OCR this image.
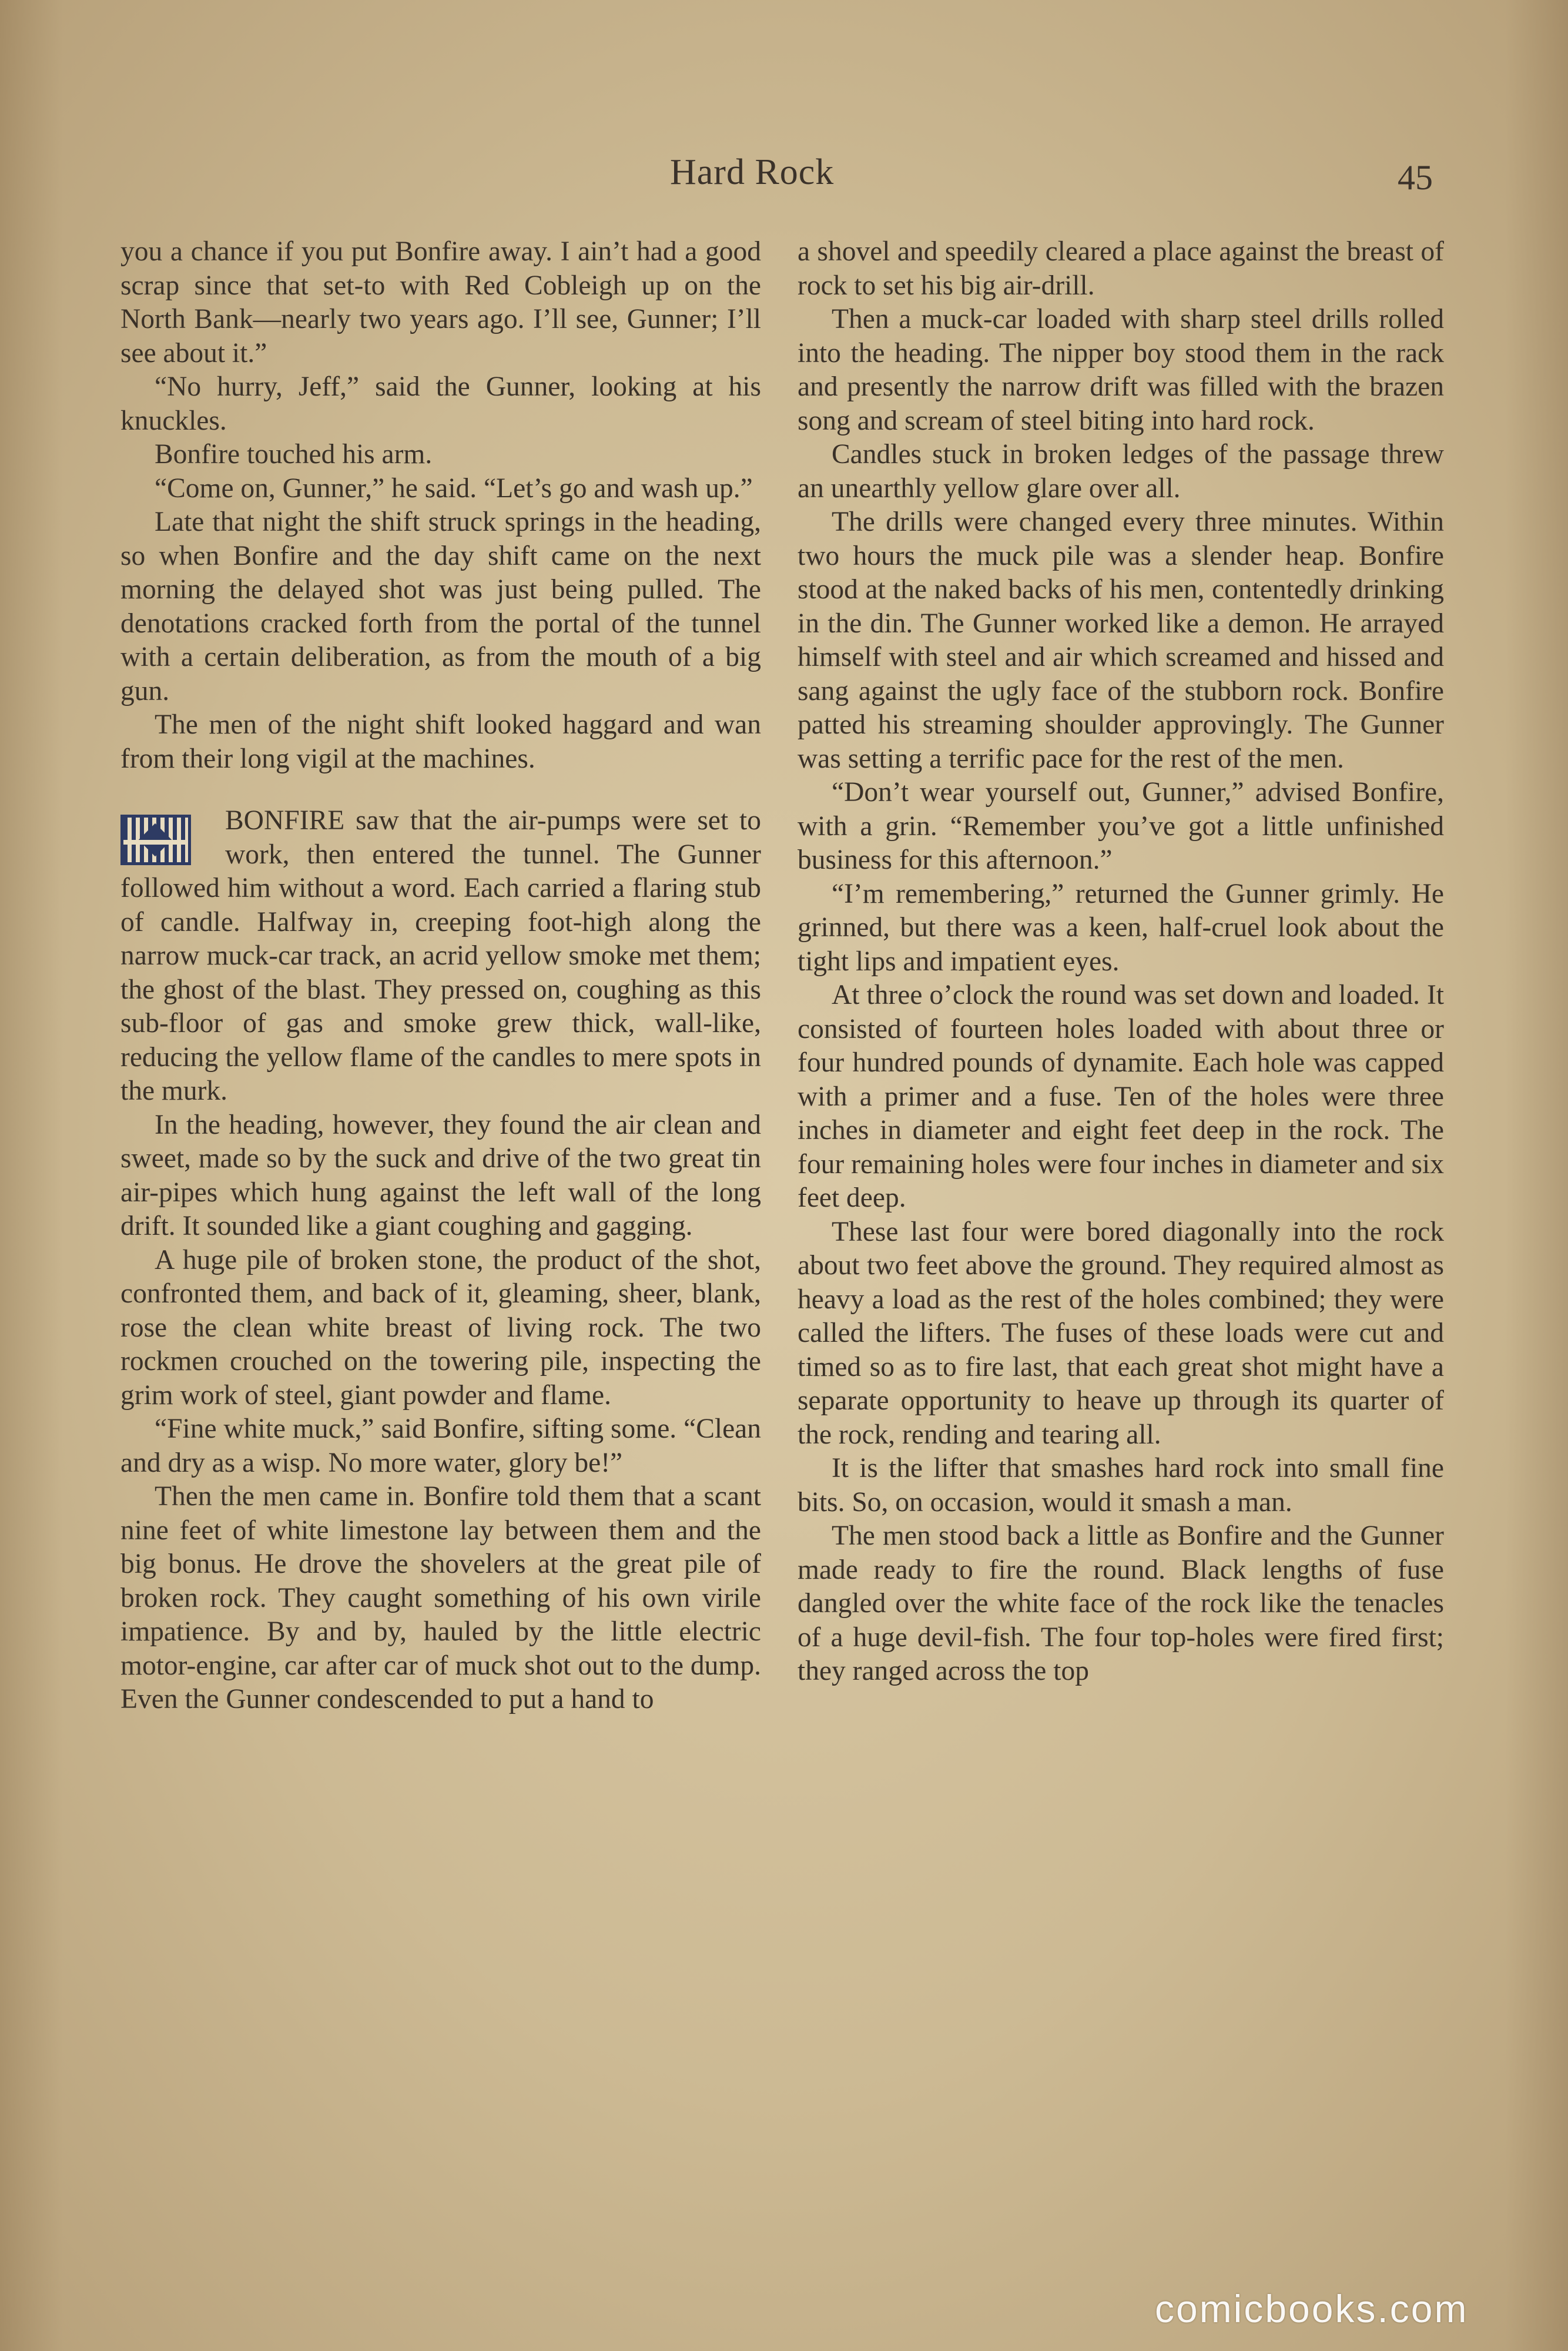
Hard Rock	45

you a chance if you put Bonfire away. I ain’t had a good scrap since that set-to with Red Cobleigh up on the North Bank—nearly two years ago. I’ll see, Gunner; I’ll see about it.”

“No hurry, Jeff,” said the Gunner, looking at his knuckles.

Bonfire touched his arm.

“Come on, Gunner,” he said. “Let’s go and wash up.”

Late that night the shift struck springs in the heading, so when Bonfire and the day shift came on the next morning the delayed shot was just being pulled. The denotations cracked forth from the portal of the tunnel with a certain deliberation, as from the mouth of a big gun.

The men of the night shift looked haggard and wan from their long vigil at the machines.

BONFIRE saw that the air-pumps were set to work, then entered the tunnel. The Gunner followed him without a word. Each carried a flaring stub of candle. Halfway in, creeping foot-high along the narrow muck-car track, an acrid yellow smoke met them; the ghost of the blast. They pressed on, coughing as this sub-floor of gas and smoke grew thick, wall-like, reducing the yellow flame of the candles to mere spots in the murk.

In the heading, however, they found the air clean and sweet, made so by the suck and drive of the two great tin air-pipes which hung against the left wall of the long drift. It sounded like a giant coughing and gagging.

A huge pile of broken stone, the product of the shot, confronted them, and back of it, gleaming, sheer, blank, rose the clean white breast of living rock. The two rockmen crouched on the towering pile, inspecting the grim work of steel, giant powder and flame.

“Fine white muck,” said Bonfire, sifting some. “Clean and dry as a wisp. No more water, glory be!”

Then the men came in. Bonfire told them that a scant nine feet of white limestone lay between them and the big bonus. He drove the shovelers at the great pile of broken rock. They caught something of his own virile impatience. By and by, hauled by the little electric motor-engine, car after car of muck shot out to the dump. Even the Gunner condescended to put a hand to

a shovel and speedily cleared a place against the breast of rock to set his big air-drill.

Then a muck-car loaded with sharp steel drills rolled into the heading. The nipper boy stood them in the rack and presently the narrow drift was filled with the brazen song and scream of steel biting into hard rock.

Candles stuck in broken ledges of the passage threw an unearthly yellow glare over all.

The drills were changed every three minutes. Within two hours the muck pile was a slender heap. Bonfire stood at the naked backs of his men, contentedly drinking in the din. The Gunner worked like a demon. He arrayed himself with steel and air which screamed and hissed and sang against the ugly face of the stubborn rock. Bonfire patted his streaming shoulder approvingly. The Gunner was setting a terrific pace for the rest of the men.

“Don’t wear yourself out, Gunner,” advised Bonfire, with a grin. “Remember you’ve got a little unfinished business for this afternoon.”

“I’m remembering,” returned the Gunner grimly. He grinned, but there was a keen, half-cruel look about the tight lips and impatient eyes.

At three o’clock the round was set down and loaded. It consisted of fourteen holes loaded with about three or four hundred pounds of dynamite. Each hole was capped with a primer and a fuse. Ten of the holes were three inches in diameter and eight feet deep in the rock. The four remaining holes were four inches in diameter and six feet deep.

These last four were bored diagonally into the rock about two feet above the ground. They required almost as heavy a load as the rest of the holes combined; they were called the lifters. The fuses of these loads were cut and timed so as to fire last, that each great shot might have a separate opportunity to heave up through its quarter of the rock, rending and tearing all.

It is the lifter that smashes hard rock into small fine bits. So, on occasion, would it smash a man.

The men stood back a little as Bonfire and the Gunner made ready to fire the round. Black lengths of fuse dangled over the white face of the rock like the tenacles of a huge devil-fish. The four top-holes were fired first; they ranged across the top

comicbooks.com
